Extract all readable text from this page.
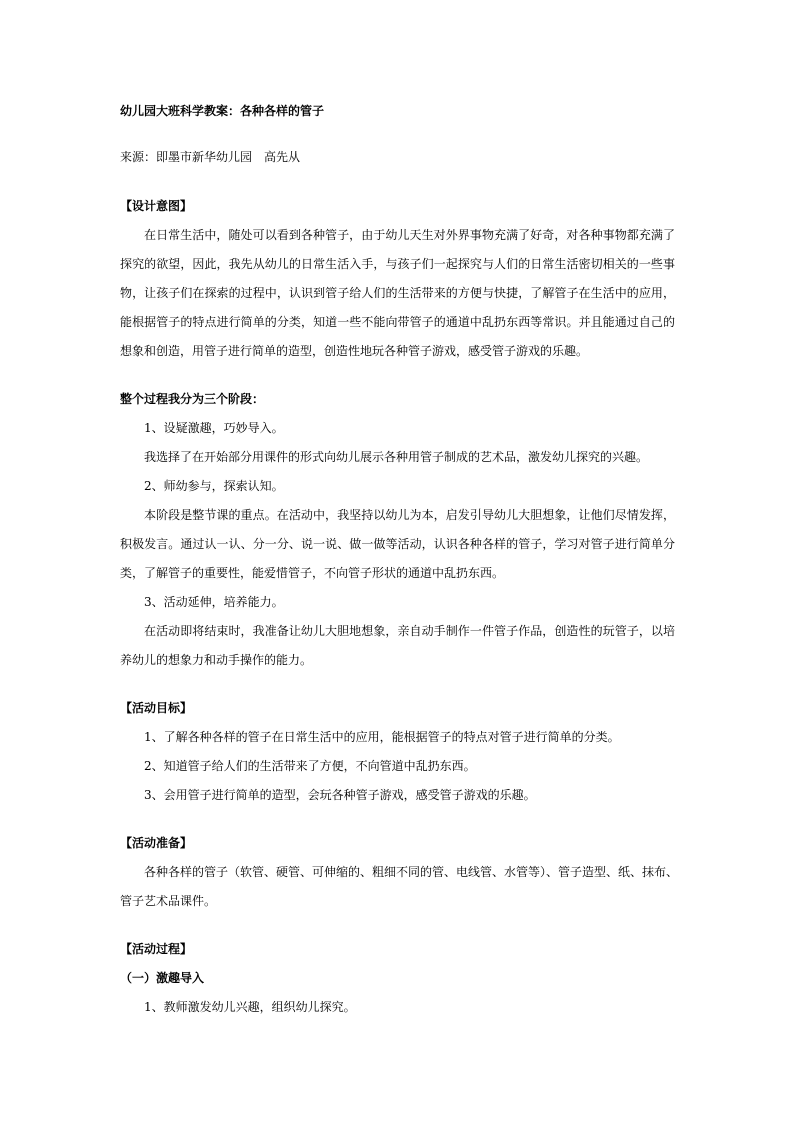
幼儿园大班科学教案：各种各样的管子
来源：即墨市新华幼儿园　高先从
【设计意图】
在日常生活中，随处可以看到各种管子，由于幼儿天生对外界事物充满了好奇，对各种事物都充满了
探究的欲望，因此，我先从幼儿的日常生活入手，与孩子们一起探究与人们的日常生活密切相关的一些事
物，让孩子们在探索的过程中，认识到管子给人们的生活带来的方便与快捷，了解管子在生活中的应用，
能根据管子的特点进行简单的分类，知道一些不能向带管子的通道中乱扔东西等常识。并且能通过自己的
想象和创造，用管子进行简单的造型，创造性地玩各种管子游戏，感受管子游戏的乐趣。
整个过程我分为三个阶段：
1、设疑激趣，巧妙导入。
我选择了在开始部分用课件的形式向幼儿展示各种用管子制成的艺术品，激发幼儿探究的兴趣。
2、师幼参与，探索认知。
本阶段是整节课的重点。在活动中，我坚持以幼儿为本，启发引导幼儿大胆想象，让他们尽情发挥，
积极发言。通过认一认、分一分、说一说、做一做等活动，认识各种各样的管子，学习对管子进行简单分
类，了解管子的重要性，能爱惜管子，不向管子形状的通道中乱扔东西。
3、活动延伸，培养能力。
在活动即将结束时，我准备让幼儿大胆地想象，亲自动手制作一件管子作品，创造性的玩管子，以培
养幼儿的想象力和动手操作的能力。
【活动目标】
1、了解各种各样的管子在日常生活中的应用，能根据管子的特点对管子进行简单的分类。
2、知道管子给人们的生活带来了方便，不向管道中乱扔东西。
3、会用管子进行简单的造型，会玩各种管子游戏，感受管子游戏的乐趣。
【活动准备】
各种各样的管子（软管、硬管、可伸缩的、粗细不同的管、电线管、水管等）、管子造型、纸、抹布、
管子艺术品课件。
【活动过程】
（一）激趣导入
1、教师激发幼儿兴趣，组织幼儿探究。
